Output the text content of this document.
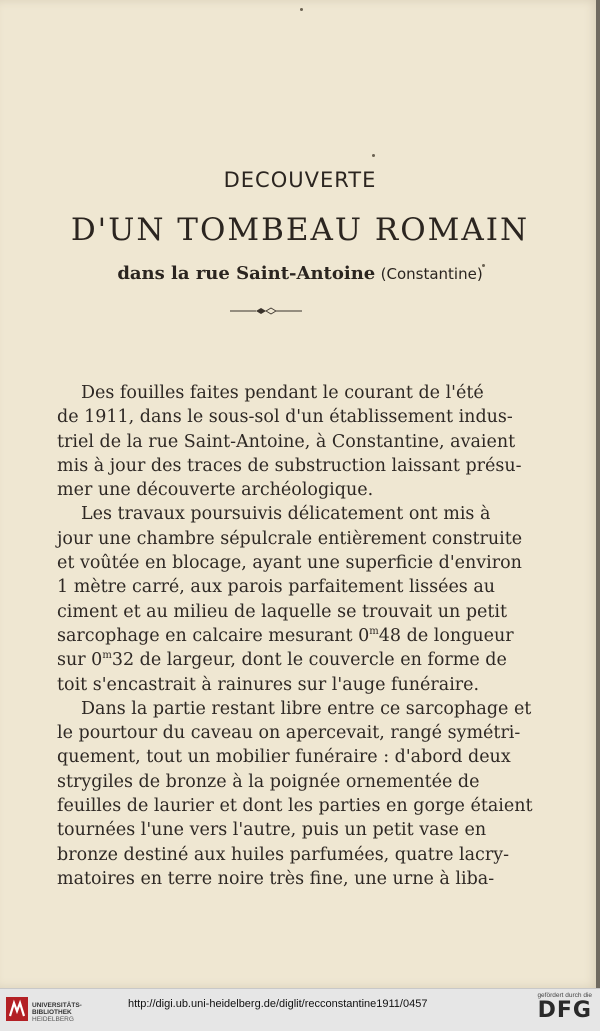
DECOUVERTE
D'UN TOMBEAU ROMAIN
dans la rue Saint-Antoine (Constantine)
Des fouilles faites pendant le courant de l'été
de 1911, dans le sous-sol d'un établissement indus-
triel de la rue Saint-Antoine, à Constantine, avaient
mis à jour des traces de substruction laissant présu-
mer une découverte archéologique.
Les travaux poursuivis délicatement ont mis à
jour une chambre sépulcrale entièrement construite
et voûtée en blocage, ayant une superficie d'environ
1 mètre carré, aux parois parfaitement lissées au
ciment et au milieu de laquelle se trouvait un petit
sarcophage en calcaire mesurant 0$^m$48 de longueur
sur 0$^m$32 de largeur, dont le couvercle en forme de
toit s'encastrait à rainures sur l'auge funéraire.
Dans la partie restant libre entre ce sarcophage et
le pourtour du caveau on apercevait, rangé symétri-
quement, tout un mobilier funéraire : d'abord deux
strygiles de bronze à la poignée ornementée de
feuilles de laurier et dont les parties en gorge étaient
tournées l'une vers l'autre, puis un petit vase en
bronze destiné aux huiles parfumées, quatre lacry-
matoires en terre noire très fine, une urne à liba-
UNIVERSITÄTS-
BIBLIOTHEK
HEIDELBERG
http://digi.ub.uni-heidelberg.de/diglit/recconstantine1911/0457
gefördert durch die
DFG
